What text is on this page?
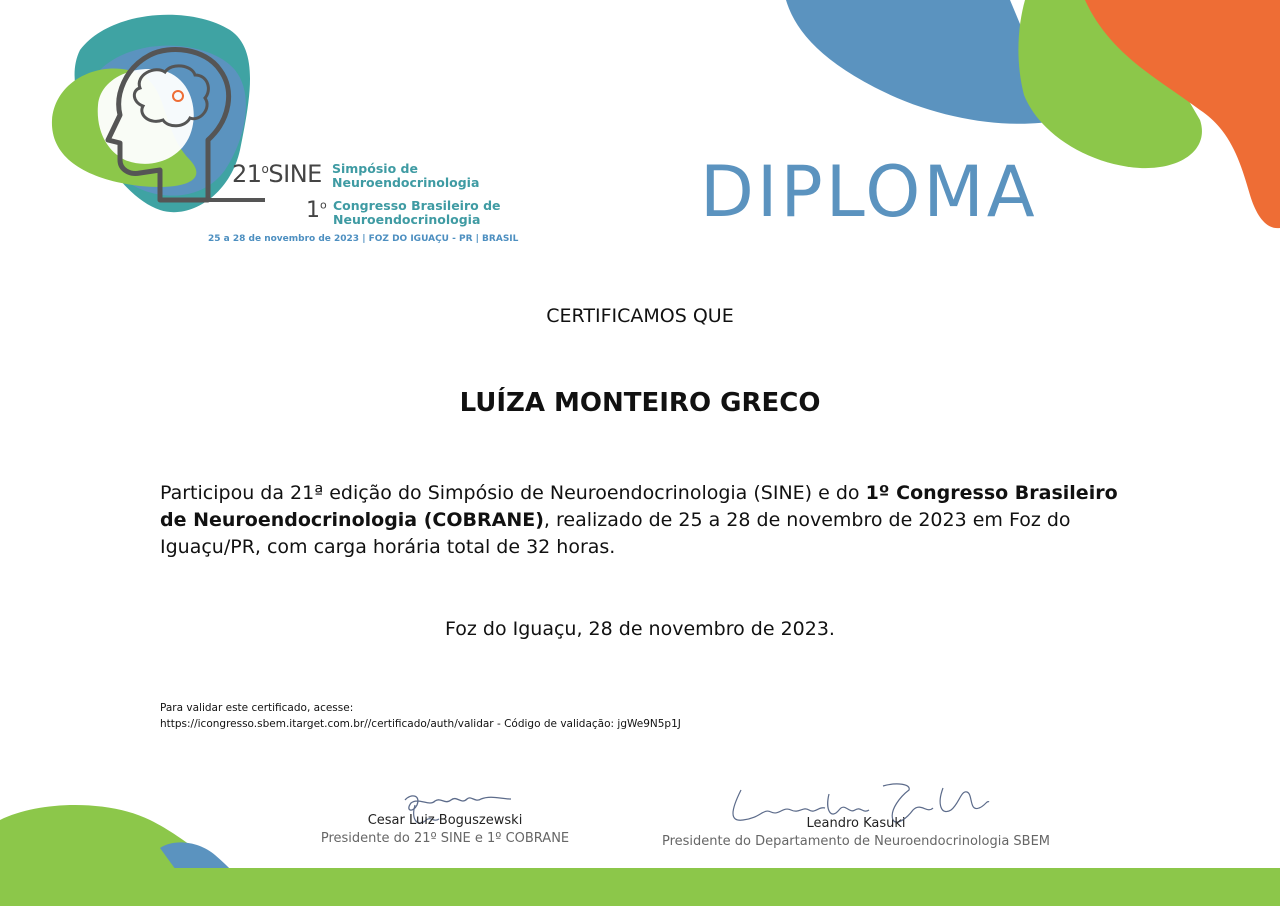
21$^o$SINE Simpósio de
Neuroendocrinologia
1$^o$ Congresso Brasileiro de
Neuroendocrinologia
25 a 28 de novembro de 2023 | FOZ DO IGUAÇU - PR | BRASIL
DIPLOMA
CERTIFICAMOS QUE
LUÍZA MONTEIRO GRECO
Participou da 21ª edição do Simpósio de Neuroendocrinologia (SINE) e do 1º Congresso Brasileiro de Neuroendocrinologia (COBRANE), realizado de 25 a 28 de novembro de 2023 em Foz do Iguaçu/PR, com carga horária total de 32 horas.
Foz do Iguaçu, 28 de novembro de 2023.
Para validar este certificado, acesse:
https://icongresso.sbem.itarget.com.br//certificado/auth/validar - Código de validação: jgWe9N5p1J
Cesar Luiz Boguszewski
Presidente do 21º SINE e 1º COBRANE
Leandro Kasuki
Presidente do Departamento de Neuroendocrinologia SBEM
